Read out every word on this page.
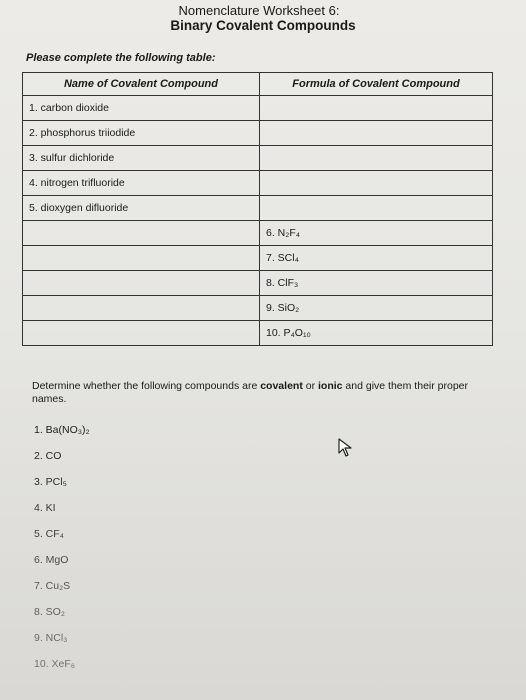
Nomenclature Worksheet 6:
Binary Covalent Compounds
Please complete the following table:
Name of Covalent Compound	Formula of Covalent Compound
1. carbon dioxide	
2. phosphorus triiodide	
3. sulfur dichloride	
4. nitrogen trifluoride	
5. dioxygen difluoride	
	6. N₂F₄
	7. SCl₄
	8. ClF₃
	9. SiO₂
	10. P₄O₁₀
Determine whether the following compounds are covalent or ionic and give them their proper names.
1. Ba(NO₃)₂
2. CO
3. PCl₅
4. KI
5. CF₄
6. MgO
7. Cu₂S
8. SO₂
9. NCl₃
10. XeF₆
